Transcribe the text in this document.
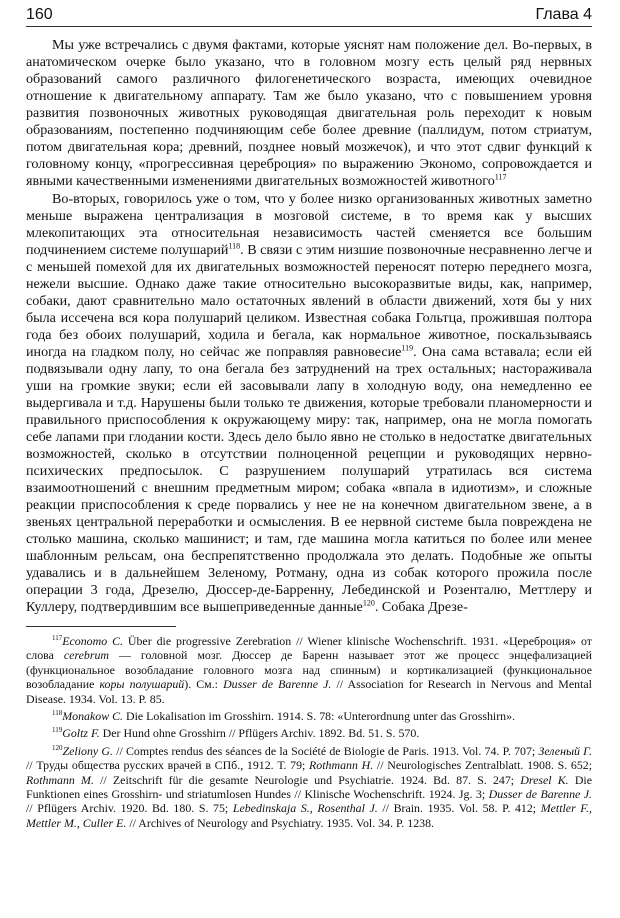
160	Глава 4

Мы уже встречались с двумя фактами, которые уяснят нам положение дел. Во-первых, в анатомическом очерке было указано, что в головном мозгу есть целый ряд нервных образований самого различного филогенетического возраста, имеющих очевидное отношение к двигательному аппарату. Там же было указано, что с повышением уровня развития позвоночных животных руководящая двигательная роль переходит к новым образованиям, постепенно подчиняющим себе более древние (паллидум, потом стриатум, потом двигательная кора; древний, позднее новый мозжечок), и что этот сдвиг функций к головному концу, «прогрессивная цереброция» по выражению Экономо, сопровождается и явными качественными изменениями двигательных возможностей животного$^{117}$

Во-вторых, говорилось уже о том, что у более низко организованных животных заметно меньше выражена централизация в мозговой системе, в то время как у высших млекопитающих эта относительная независимость частей сменяется все большим подчинением системе полушарий$^{118}$. В связи с этим низшие позвоночные несравненно легче и с меньшей помехой для их двигательных возможностей переносят потерю переднего мозга, нежели высшие. Однако даже такие относительно высокоразвитые виды, как, например, собаки, дают сравнительно мало остаточных явлений в области движений, хотя бы у них была иссечена вся кора полушарий целиком. Известная собака Гольтца, прожившая полтора года без обоих полушарий, ходила и бегала, как нормальное животное, поскальзываясь иногда на гладком полу, но сейчас же поправляя равновесие$^{119}$. Она сама вставала; если ей подвязывали одну лапу, то она бегала без затруднений на трех остальных; настораживала уши на громкие звуки; если ей засовывали лапу в холодную воду, она немедленно ее выдергивала и т.д. Нарушены были только те движения, которые требовали планомерности и правильного приспособления к окружающему миру: так, например, она не могла помогать себе лапами при глодании кости. Здесь дело было явно не столько в недостатке двигательных возможностей, сколько в отсутствии полноценной рецепции и руководящих нервно-психических предпосылок. С разрушением полушарий утратилась вся система взаимоотношений с внешним предметным миром; собака «впала в идиотизм», и сложные реакции приспособления к среде порвались у нее не на конечном двигательном звене, а в звеньях центральной переработки и осмысления. В ее нервной системе была повреждена не столько машина, сколько машинист; и там, где машина могла катиться по более или менее шаблонным рельсам, она беспрепятственно продолжала это делать. Подобные же опыты удавались и в дальнейшем Зеленому, Ротману, одна из собак которого прожила после операции 3 года, Дрезелю, Дюссер-де-Барренну, Лебединской и Розенталю, Меттлеру и Куллеру, подтвердившим все вышеприведенные данные$^{120}$. Собака Дрезе-

$^{117}$Economo C. Über die progressive Zerebration // Wiener klinische Wochenschrift. 1931. «Цереброция» от слова cerebrum — головной мозг. Дюссер де Баренн называет этот же процесс энцефализацией (функциональное возобладание головного мозга над спинным) и кортикализацией (функциональное возобладание коры полушарий). См.: Dusser de Barenne J. // Association for Research in Nervous and Mental Disease. 1934. Vol. 13. P. 85.

$^{118}$Monakow C. Die Lokalisation im Grosshirn. 1914. S. 78: «Unterordnung unter das Grosshirn».

$^{119}$Goltz F. Der Hund ohne Grosshirn // Pflügers Archiv. 1892. Bd. 51. S. 570.

$^{120}$Zeliony G. // Comptes rendus des séances de la Société de Biologie de Paris. 1913. Vol. 74. P. 707; Зеленый Г. // Труды общества русских врачей в СПб., 1912. Т. 79; Rothmann H. // Neurologisches Zentralblatt. 1908. S. 652; Rothmann M. // Zeitschrift für die gesamte Neurologie und Psychiatrie. 1924. Bd. 87. S. 247; Dresel K. Die Funktionen eines Grosshirn- und striatumlosen Hundes // Klinische Wochenschrift. 1924. Jg. 3; Dusser de Barenne J. // Pflügers Archiv. 1920. Bd. 180. S. 75; Lebedinskaja S., Rosenthal J. // Brain. 1935. Vol. 58. P. 412; Mettler F., Mettler M., Culler E. // Archives of Neurology and Psychiatry. 1935. Vol. 34. P. 1238.
